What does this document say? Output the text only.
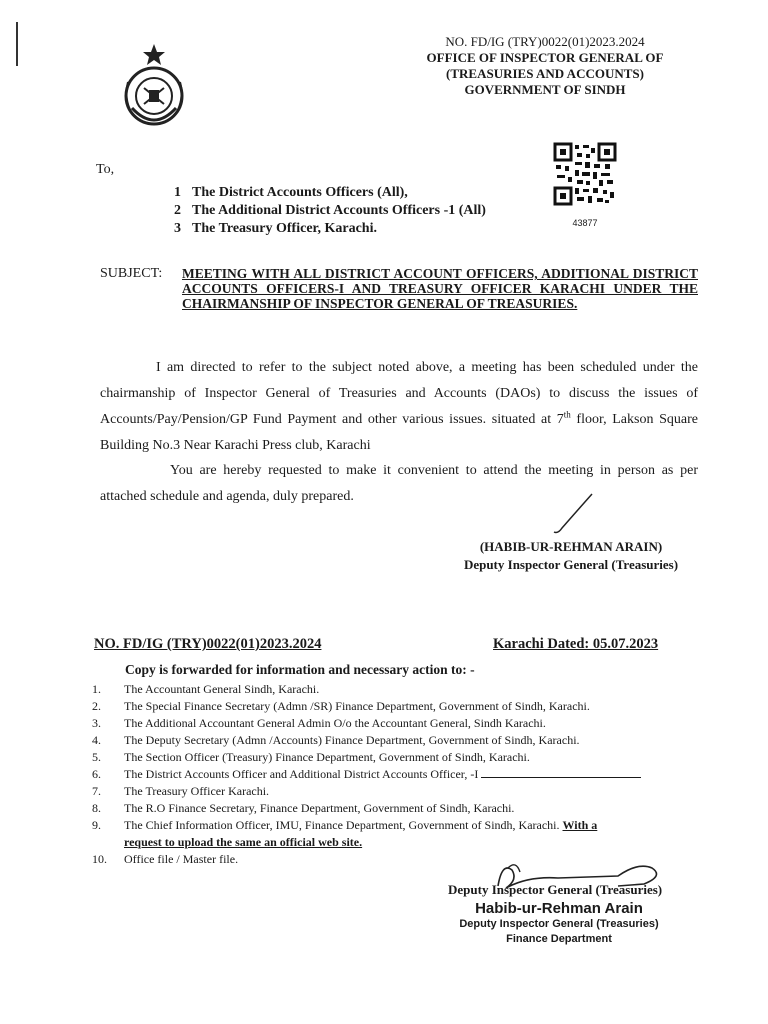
NO. FD/IG (TRY)0022(01)2023.2024
OFFICE OF INSPECTOR GENERAL OF
(TREASURIES AND ACCOUNTS)
GOVERNMENT OF SINDH
43877
To,
1 The District Accounts Officers (All),
2 The Additional District Accounts Officers -1 (All)
3 The Treasury Officer, Karachi.
SUBJECT: MEETING WITH ALL DISTRICT ACCOUNT OFFICERS, ADDITIONAL DISTRICT ACCOUNTS OFFICERS-I AND TREASURY OFFICER KARACHI UNDER THE CHAIRMANSHIP OF INSPECTOR GENERAL OF TREASURIES.
I am directed to refer to the subject noted above, a meeting has been scheduled under the chairmanship of Inspector General of Treasuries and Accounts (DAOs) to discuss the issues of Accounts/Pay/Pension/GP Fund Payment and other various issues. situated at 7th floor, Lakson Square Building No.3 Near Karachi Press club, Karachi
You are hereby requested to make it convenient to attend the meeting in person as per attached schedule and agenda, duly prepared.
(HABIB-UR-REHMAN ARAIN)
Deputy Inspector General (Treasuries)
NO. FD/IG (TRY)0022(01)2023.2024	Karachi Dated: 05.07.2023
Copy is forwarded for information and necessary action to: -
1. The Accountant General Sindh, Karachi.
2. The Special Finance Secretary (Admn /SR) Finance Department, Government of Sindh, Karachi.
3. The Additional Accountant General Admin O/o the Accountant General, Sindh Karachi.
4. The Deputy Secretary (Admn /Accounts) Finance Department, Government of Sindh, Karachi.
5. The Section Officer (Treasury) Finance Department, Government of Sindh, Karachi.
6. The District Accounts Officer and Additional District Accounts Officer, -I
7. The Treasury Officer Karachi.
8. The R.O Finance Secretary, Finance Department, Government of Sindh, Karachi.
9. The Chief Information Officer, IMU, Finance Department, Government of Sindh, Karachi. With a
request to upload the same an official web site.
10. Office file / Master file.
Deputy Inspector General (Treasuries)
Habib-ur-Rehman Arain
Deputy Inspector General (Treasuries)
Finance Department
